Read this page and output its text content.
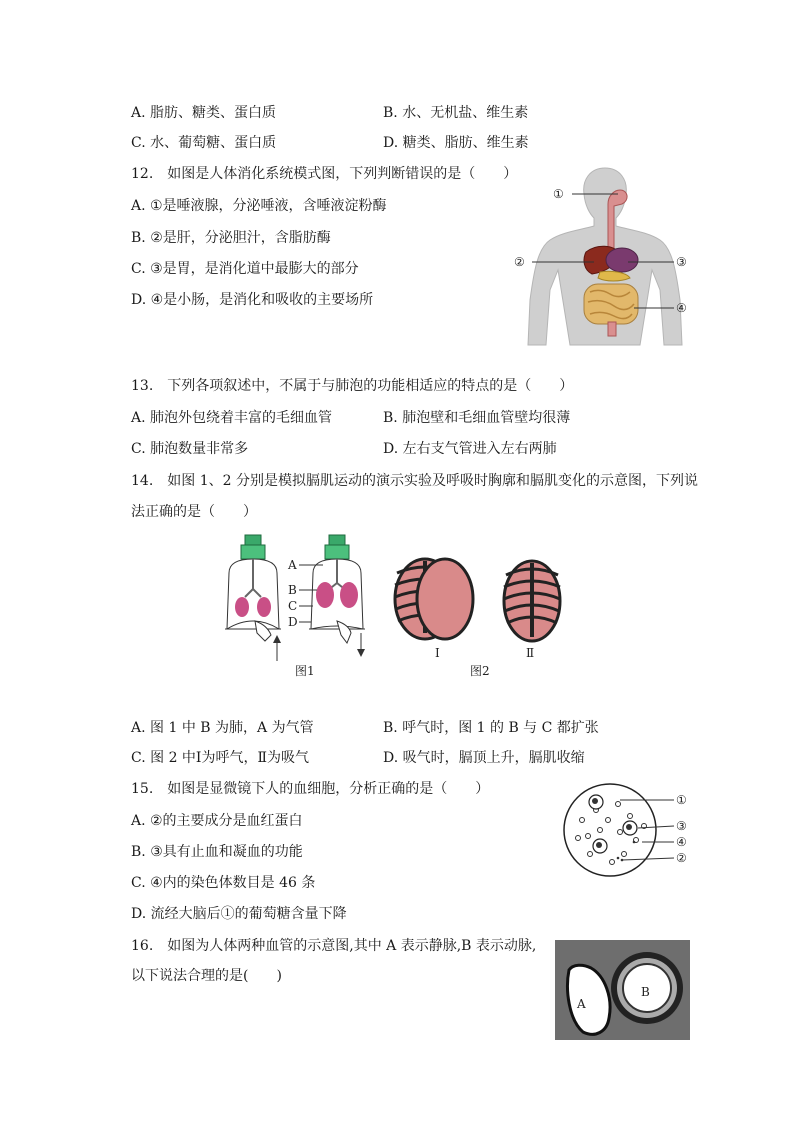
A. 脂肪、糖类、蛋白质	B. 水、无机盐、维生素
C. 水、葡萄糖、蛋白质	D. 糖类、脂肪、维生素
12.　如图是人体消化系统模式图，下列判断错误的是（　　）
A. ①是唾液腺，分泌唾液，含唾液淀粉酶
B. ②是肝，分泌胆汁，含脂肪酶
C. ③是胃，是消化道中最膨大的部分
D. ④是小肠，是消化和吸收的主要场所
①
②	③
④
13.　下列各项叙述中，不属于与肺泡的功能相适应的特点的是（　　）
A. 肺泡外包绕着丰富的毛细血管	B. 肺泡壁和毛细血管壁均很薄
C. 肺泡数量非常多	D. 左右支气管进入左右两肺
14.　如图 1、2 分别是模拟膈肌运动的演示实验及呼吸时胸廓和膈肌变化的示意图，下列说
法正确的是（　　）
A
B
C
D
图1
Ⅰ
图2
Ⅱ
A. 图 1 中 B 为肺，A 为气管	B. 呼气时，图 1 的 B 与 C 都扩张
C. 图 2 中Ⅰ为呼气，Ⅱ为吸气	D. 吸气时，膈顶上升，膈肌收缩
15.　如图是显微镜下人的血细胞，分析正确的是（　　）
A. ②的主要成分是血红蛋白
B. ③具有止血和凝血的功能
C. ④内的染色体数目是 46 条
D. 流经大脑后①的葡萄糖含量下降
①
③
④
②
16.　如图为人体两种血管的示意图,其中 A 表示静脉,B 表示动脉,
以下说法合理的是(　　)
A
B
